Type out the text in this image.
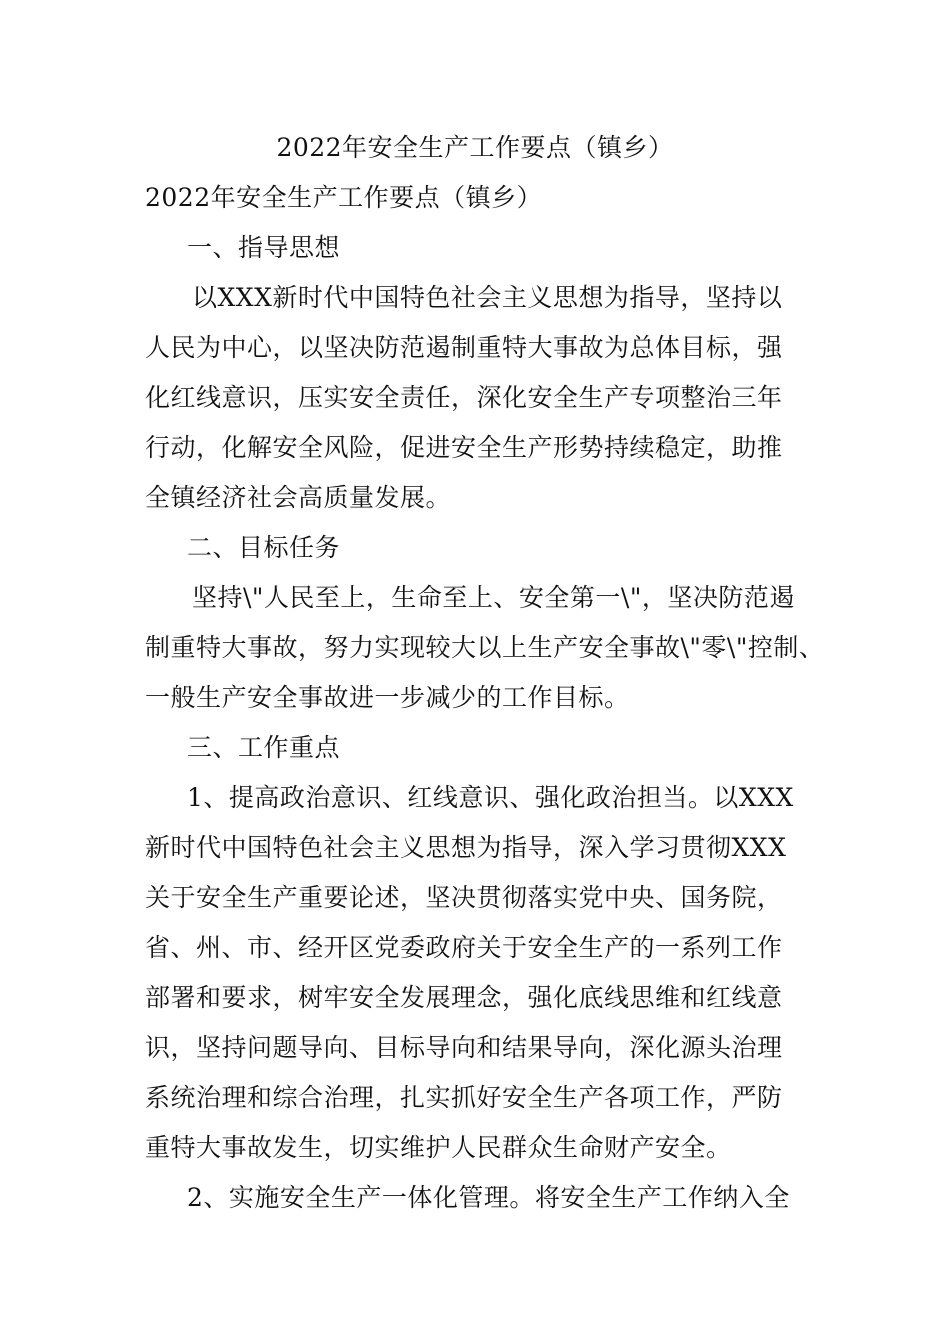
2022年安全生产工作要点（镇乡）
2022年安全生产工作要点（镇乡）
一、指导思想
以XXX新时代中国特色社会主义思想为指导，坚持以
人民为中心，以坚决防范遏制重特大事故为总体目标，强
化红线意识，压实安全责任，深化安全生产专项整治三年
行动，化解安全风险，促进安全生产形势持续稳定，助推
全镇经济社会高质量发展。
二、目标任务
坚持\"人民至上，生命至上、安全第一\"，坚决防范遏
制重特大事故，努力实现较大以上生产安全事故\"零\"控制、
一般生产安全事故进一步减少的工作目标。
三、工作重点
1、提高政治意识、红线意识、强化政治担当。以XXX
新时代中国特色社会主义思想为指导，深入学习贯彻XXX
关于安全生产重要论述，坚决贯彻落实党中央、国务院，
省、州、市、经开区党委政府关于安全生产的一系列工作
部署和要求，树牢安全发展理念，强化底线思维和红线意
识，坚持问题导向、目标导向和结果导向，深化源头治理
系统治理和综合治理，扎实抓好安全生产各项工作，严防
重特大事故发生，切实维护人民群众生命财产安全。
2、实施安全生产一体化管理。将安全生产工作纳入全
